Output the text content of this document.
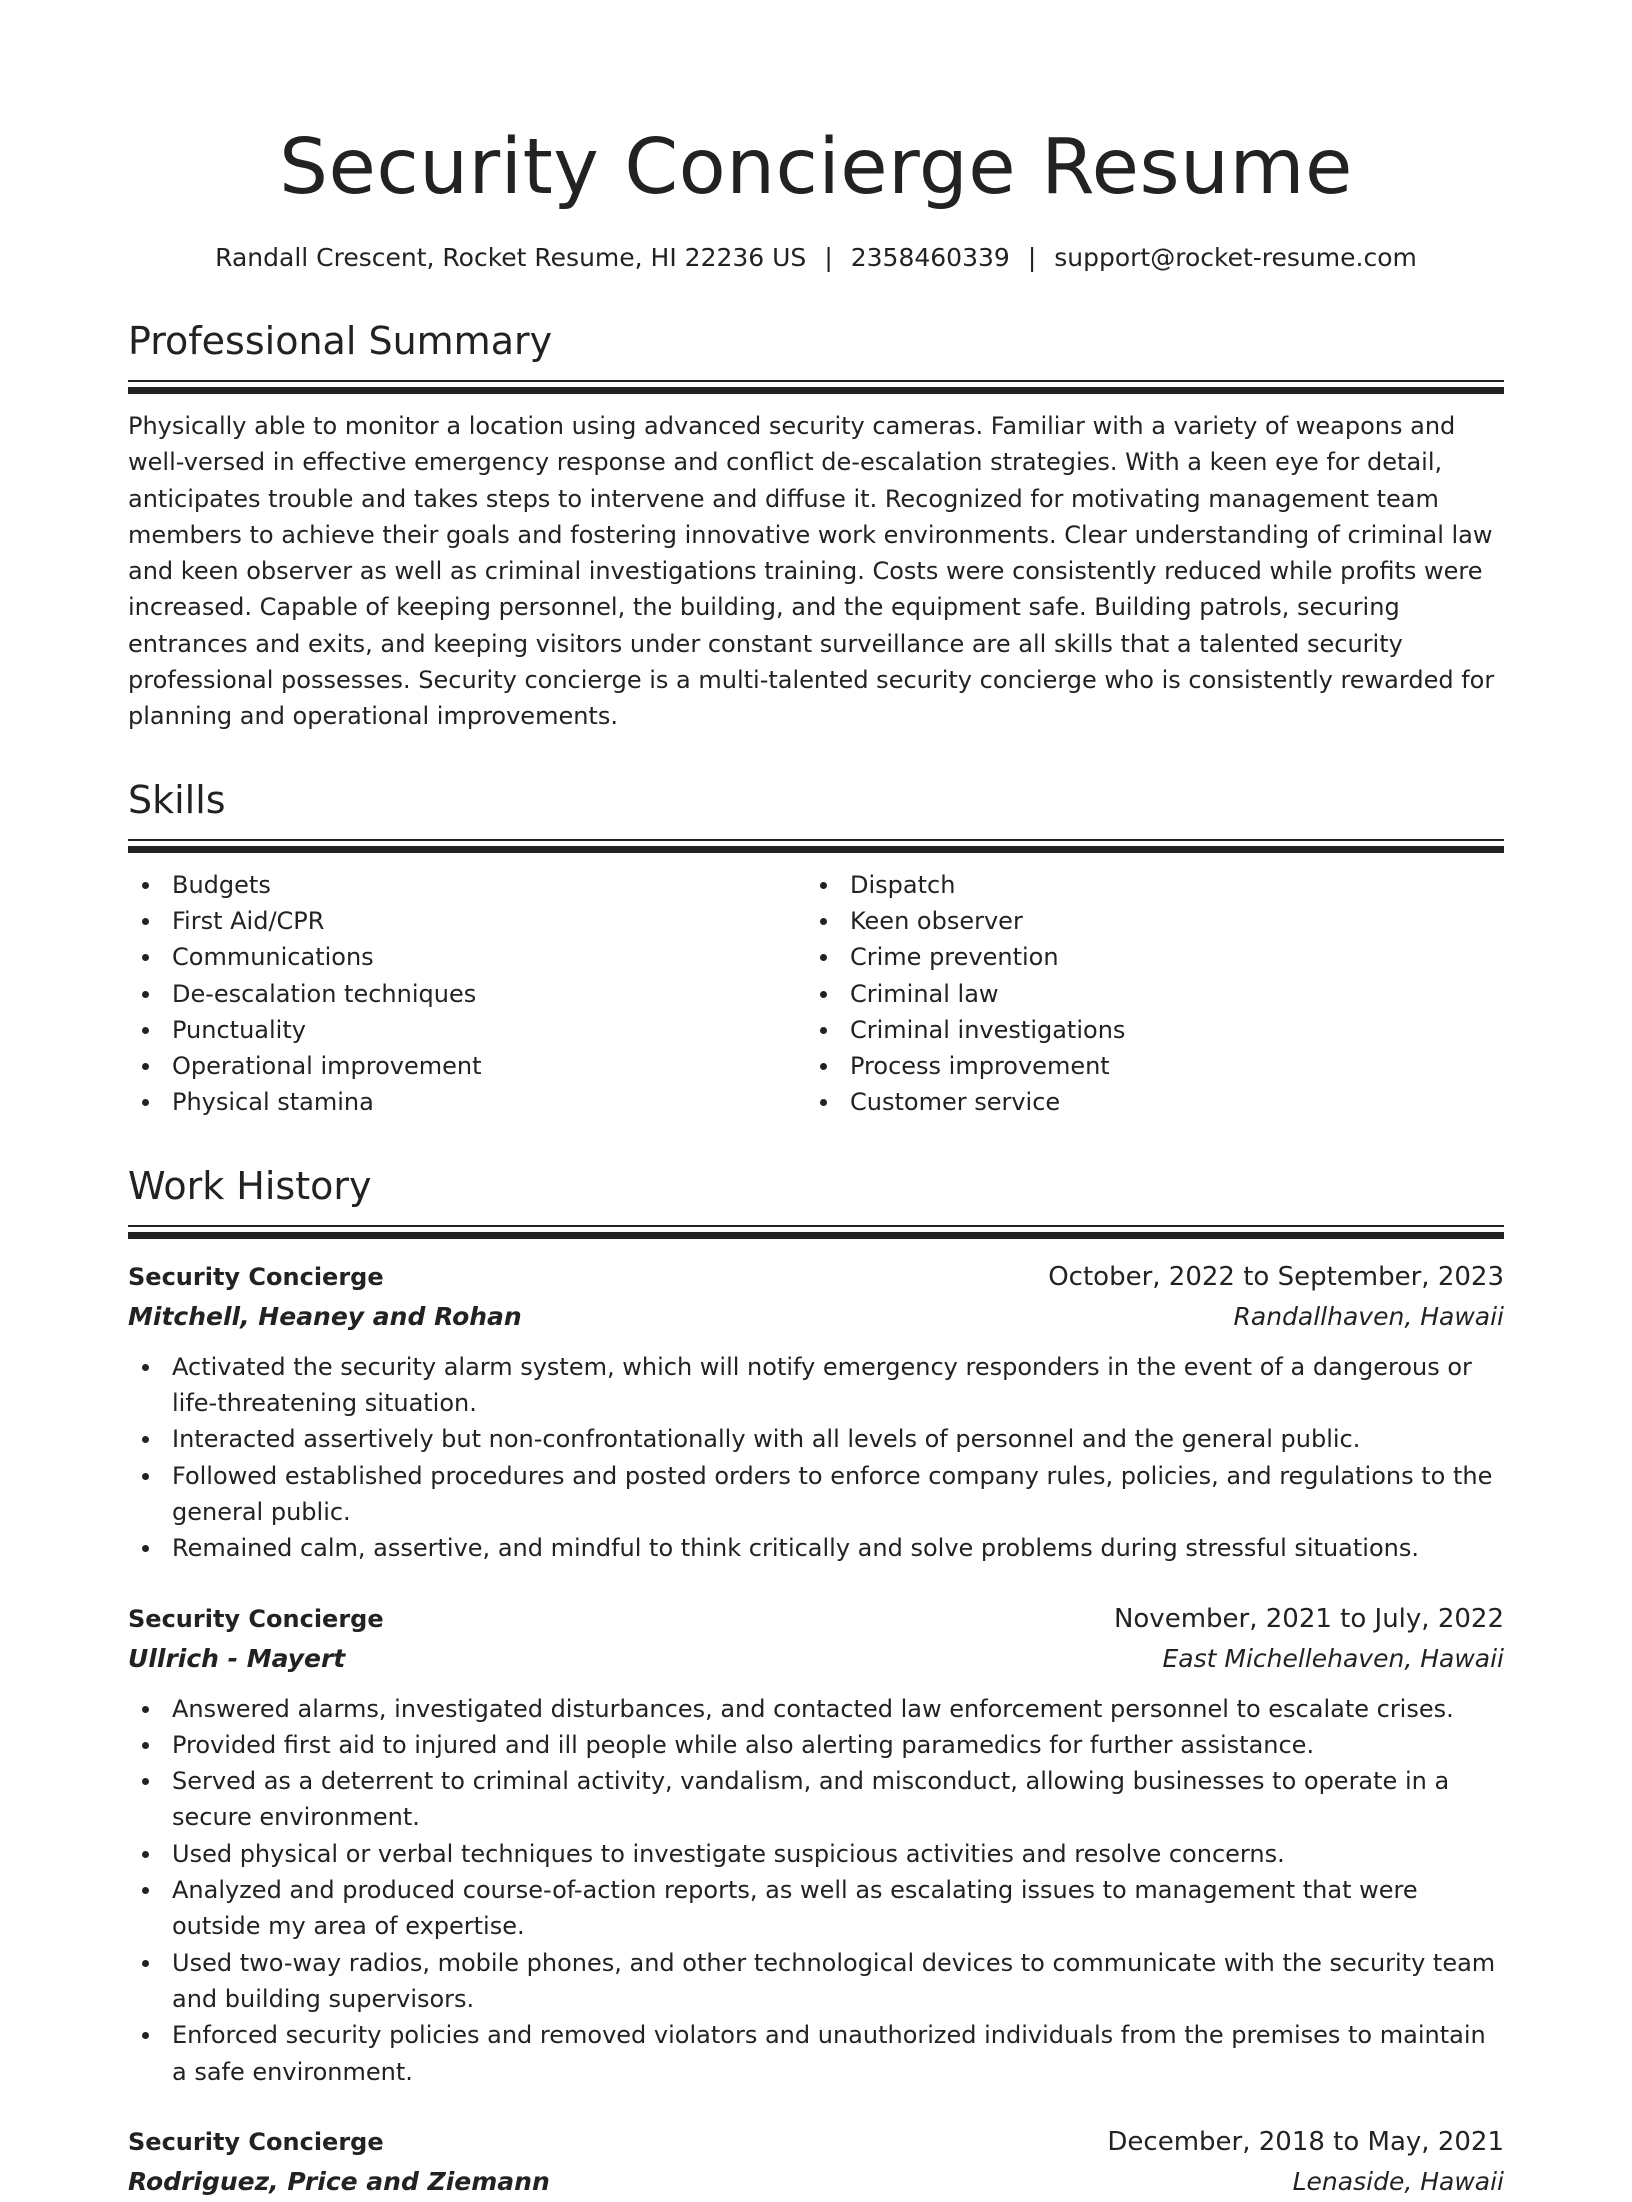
Security Concierge Resume
Randall Crescent, Rocket Resume, HI 22236 US | 2358460339 | support@rocket-resume.com
Professional Summary

Physically able to monitor a location using advanced security cameras. Familiar with a variety of weapons and well-versed in effective emergency response and conflict de-escalation strategies. With a keen eye for detail, anticipates trouble and takes steps to intervene and diffuse it. Recognized for motivating management team members to achieve their goals and fostering innovative work environments. Clear understanding of criminal law and keen observer as well as criminal investigations training. Costs were consistently reduced while profits were increased. Capable of keeping personnel, the building, and the equipment safe. Building patrols, securing entrances and exits, and keeping visitors under constant surveillance are all skills that a talented security professional possesses. Security concierge is a multi-talented security concierge who is consistently rewarded for planning and operational improvements.

Skills
Budgets
First Aid/CPR
Communications
De-escalation techniques
Punctuality
Operational improvement
Physical stamina
Dispatch
Keen observer
Crime prevention
Criminal law
Criminal investigations
Process improvement
Customer service
Work History
Security Concierge	October, 2022 to September, 2023
Mitchell, Heaney and Rohan	Randallhaven, Hawaii
Activated the security alarm system, which will notify emergency responders in the event of a dangerous or life-threatening situation.
Interacted assertively but non-confrontationally with all levels of personnel and the general public.
Followed established procedures and posted orders to enforce company rules, policies, and regulations to the general public.
Remained calm, assertive, and mindful to think critically and solve problems during stressful situations.
Security Concierge	November, 2021 to July, 2022
Ullrich - Mayert	East Michellehaven, Hawaii
Answered alarms, investigated disturbances, and contacted law enforcement personnel to escalate crises.
Provided first aid to injured and ill people while also alerting paramedics for further assistance.
Served as a deterrent to criminal activity, vandalism, and misconduct, allowing businesses to operate in a secure environment.
Used physical or verbal techniques to investigate suspicious activities and resolve concerns.
Analyzed and produced course-of-action reports, as well as escalating issues to management that were outside my area of expertise.
Used two-way radios, mobile phones, and other technological devices to communicate with the security team and building supervisors.
Enforced security policies and removed violators and unauthorized individuals from the premises to maintain a safe environment.
Security Concierge	December, 2018 to May, 2021
Rodriguez, Price and Ziemann	Lenaside, Hawaii
